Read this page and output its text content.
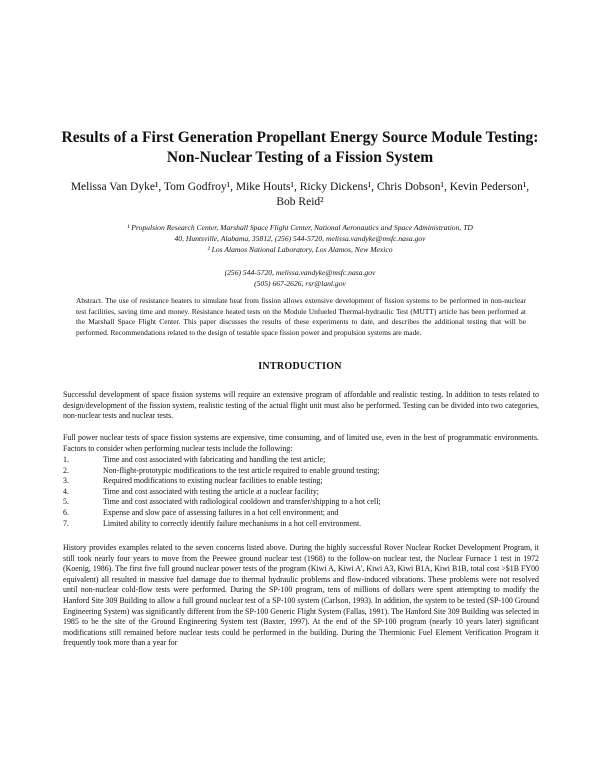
Results of a First Generation Propellant Energy Source Module Testing: Non-Nuclear Testing of a Fission System

Melissa Van Dyke¹, Tom Godfroy¹, Mike Houts¹, Ricky Dickens¹, Chris Dobson¹, Kevin Pederson¹, Bob Reid²

¹ Propulsion Research Center, Marshall Space Flight Center, National Aeronautics and Space Administration, TD
40, Huntsville, Alabama, 35812, (256) 544-5720, melissa.vandyke@msfc.nasa.gov
² Los Alamos National Laboratory, Los Alamos, New Mexico
(256) 544-5720, melissa.vandyke@msfc.nasa.gov
(505) 667-2626, rsr@lanl.gov

Abstract. The use of resistance heaters to simulate heat from fission allows extensive development of fission systems to be performed in non-nuclear test facilities, saving time and money. Resistance heated tests on the Module Unfueled Thermal-hydraulic Test (MUTT) article has been performed at the Marshall Space Flight Center. This paper discusses the results of these experiments to date, and describes the additional testing that will be performed. Recommendations related to the design of testable space fission power and propulsion systems are made.

INTRODUCTION

Successful development of space fission systems will require an extensive program of affordable and realistic testing. In addition to tests related to design/development of the fission system, realistic testing of the actual flight unit must also be performed. Testing can be divided into two categories, non-nuclear tests and nuclear tests.

Full power nuclear tests of space fission systems are expensive, time consuming, and of limited use, even in the best of programmatic environments. Factors to consider when performing nuclear tests include the following:

1.	Time and cost associated with fabricating and handling the test article;
2.	Non-flight-prototypic modifications to the test article required to enable ground testing;
3.	Required modifications to existing nuclear facilities to enable testing;
4.	Time and cost associated with testing the article at a nuclear facility;
5.	Time and cost associated with radiological cooldown and transfer/shipping to a hot cell;
6.	Expense and slow pace of assessing failures in a hot cell environment; and
7.	Limited ability to correctly identify failure mechanisms in a hot cell environment.

History provides examples related to the seven concerns listed above. During the highly successful Rover Nuclear Rocket Development Program, it still took nearly four years to move from the Peewee ground nuclear test (1968) to the follow-on nuclear test, the Nuclear Furnace 1 test in 1972 (Koenig, 1986). The first five full ground nuclear power tests of the program (Kiwi A, Kiwi A', Kiwi A3, Kiwi B1A, Kiwi B1B, total cost >$1B FY00 equivalent) all resulted in massive fuel damage due to thermal hydraulic problems and flow-induced vibrations. These problems were not resolved until non-nuclear cold-flow tests were performed. During the SP-100 program, tens of millions of dollars were spent attempting to modify the Hanford Site 309 Building to allow a full ground nuclear test of a SP-100 system (Carlson, 1993). In addition, the system to be tested (SP-100 Ground Engineering System) was significantly different from the SP-100 Generic Flight System (Fallas, 1991). The Hanford Site 309 Building was selected in 1985 to be the site of the Ground Engineering System test (Baxter, 1997). At the end of the SP-100 program (nearly 10 years later) significant modifications still remained before nuclear tests could be performed in the building. During the Thermionic Fuel Element Verification Program it frequently took more than a year for
